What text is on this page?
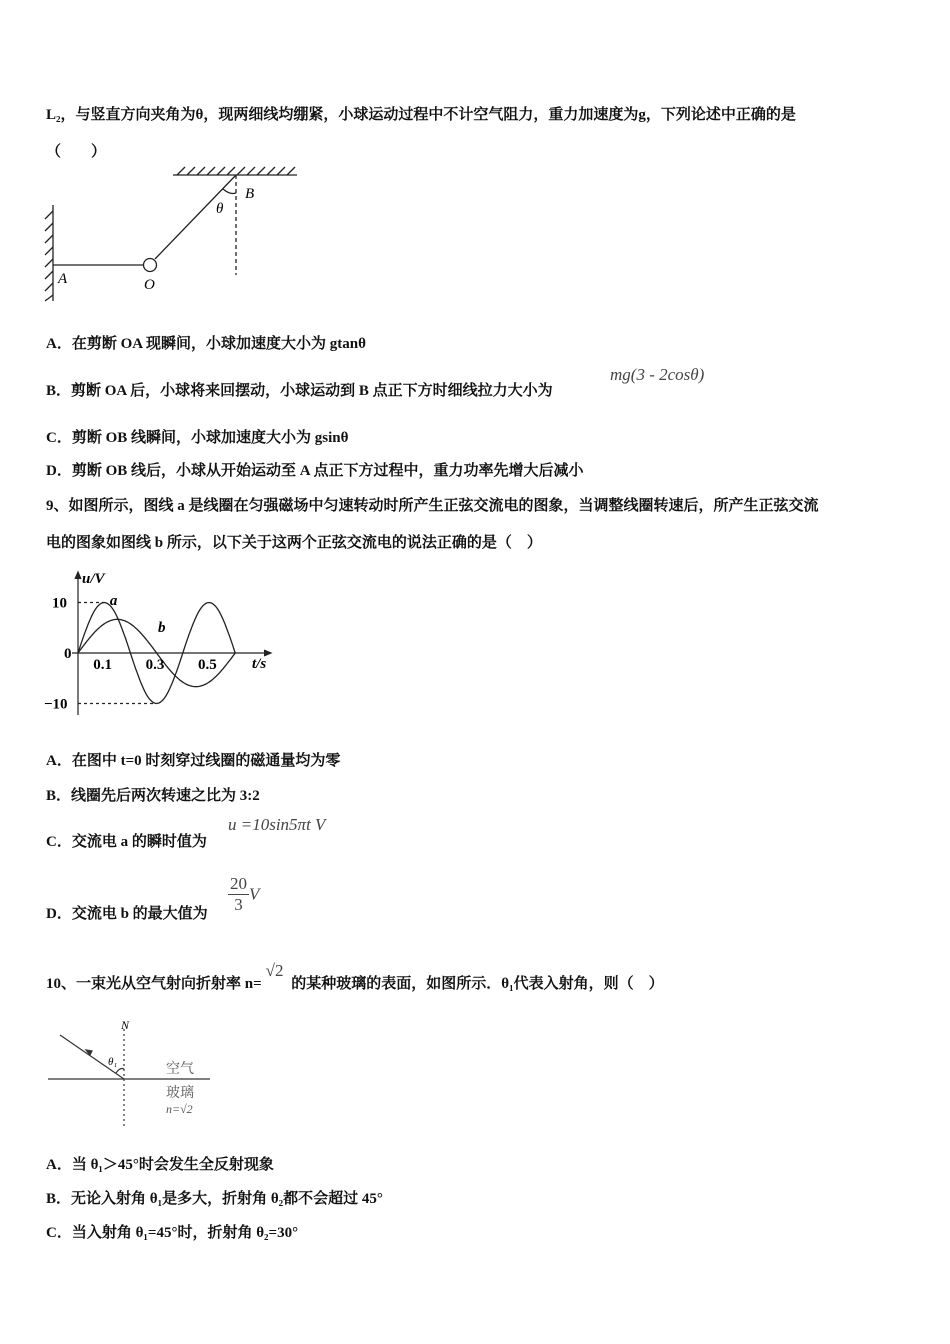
L₂，与竖直方向夹角为θ，现两细线均绷紧，小球运动过程中不计空气阻力，重力加速度为g，下列论述中正确的是
（　　）
A	O
B
θ
A．在剪断 OA 现瞬间，小球加速度大小为 gtanθ
B．剪断 OA 后，小球将来回摆动，小球运动到 B 点正下方时细线拉力大小为
mg(3 - 2cosθ)
C．剪断 OB 线瞬间，小球加速度大小为 gsinθ
D．剪断 OB 线后，小球从开始运动至 A 点正下方过程中，重力功率先增大后减小
9、如图所示，图线 a 是线圈在匀强磁场中匀速转动时所产生正弦交流电的图象，当调整线圈转速后，所产生正弦交流
电的图象如图线 b 所示，以下关于这两个正弦交流电的说法正确的是（　）
a
b
0.1 0.3 0.5
10
0
−10
t/s
u/V
A．在图中 t=0 时刻穿过线圈的磁通量均为零
B．线圈先后两次转速之比为 3:2
C．交流电 a 的瞬时值为
u =10sin5πt V
D．交流电 b 的最大值为 $\frac{20}{3}$ V
10、一束光从空气射向折射率 n=√2 的某种玻璃的表面，如图所示．θ₁代表入射角，则（　）
N
θ₁	空气
玻璃
n=√2
A．当 θ₁＞45°时会发生全反射现象
B．无论入射角 θ₁是多大，折射角 θ₂都不会超过 45°
C．当入射角 θ₁=45°时，折射角 θ₂=30°
